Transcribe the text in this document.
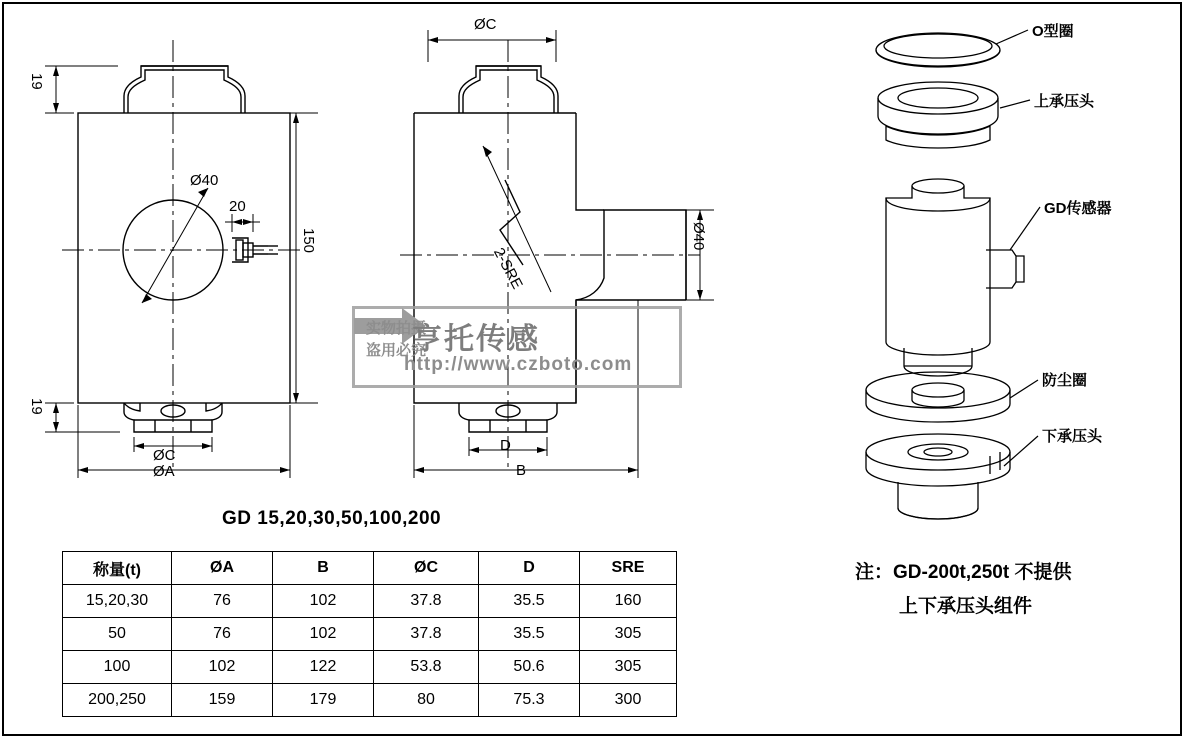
19
19
150
Ø40
20
ØC
ØA
ØC
Ø40
2-SRE
D
B
GD 15,20,30,50,100,200
称量(t)	ØA	B	ØC	D	SRE
15,20,30	76	102	37.8	35.5	160
50	76	102	37.8	35.5	305
100	102	122	53.8	50.6	305
200,250	159	179	80	75.3	300
注：GD-200t,250t 不提供
上下承压头组件
O型圈
上承压头
GD传感器
防尘圈
下承压头
实物拍摄
盗用必究
亨托传感
http://www.czboto.com
